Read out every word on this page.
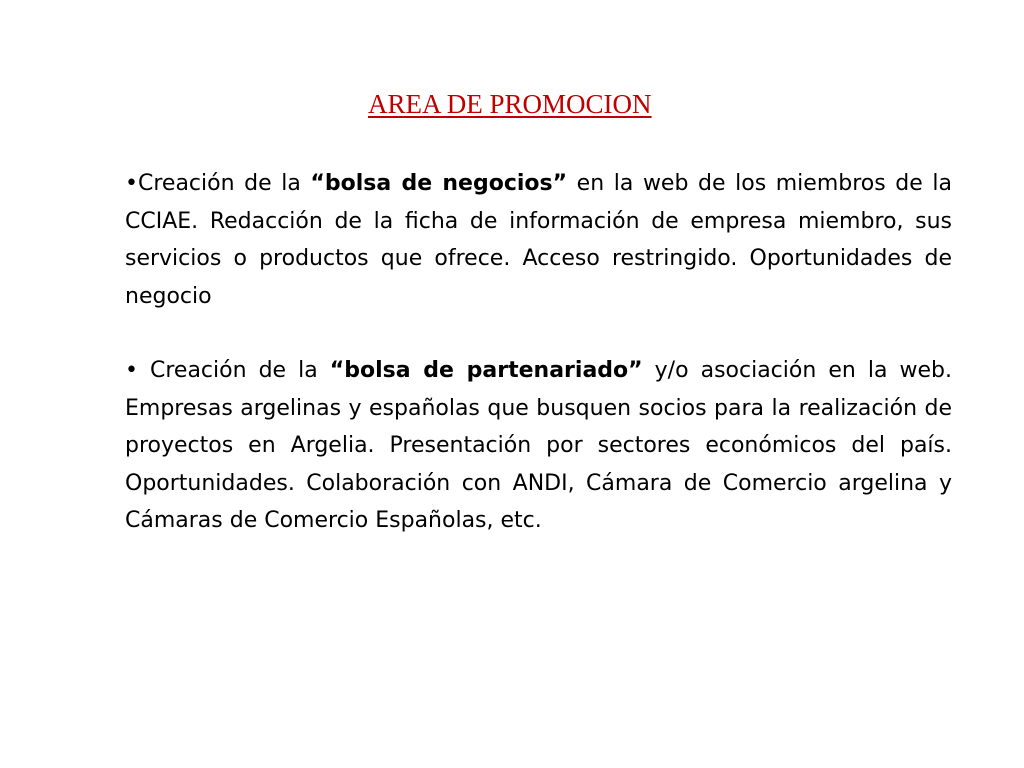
AREA DE PROMOCION
•Creación de la “bolsa de negocios” en la web de los miembros de la CCIAE. Redacción de la ficha de información de empresa miembro, sus servicios o productos que ofrece. Acceso restringido. Oportunidades de negocio
• Creación de la “bolsa de partenariado” y/o asociación en la web. Empresas argelinas y españolas que busquen socios para la realización de proyectos en Argelia. Presentación por sectores económicos del país. Oportunidades. Colaboración con ANDI, Cámara de Comercio argelina y Cámaras de Comercio Españolas, etc.
